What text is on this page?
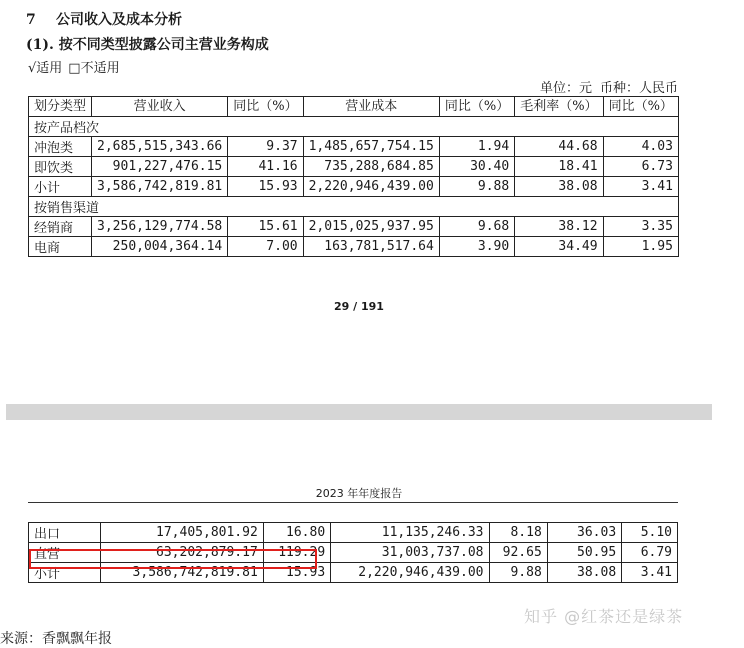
7 公司收入及成本分析
(1). 按不同类型披露公司主营业务构成
√适用 □不适用
单位：元 币种：人民币
划分类型	营业收入	同比（%）	营业成本	同比（%）	毛利率（%）	同比（%）
按产品档次						
冲泡类	2,685,515,343.66	9.37	1,485,657,754.15	1.94	44.68	4.03
即饮类	901,227,476.15	41.16	735,288,684.85	30.40	18.41	6.73
小计	3,586,742,819.81	15.93	2,220,946,439.00	9.88	38.08	3.41
按销售渠道						
经销商	3,256,129,774.58	15.61	2,015,025,937.95	9.68	38.12	3.35
电商	250,004,364.14	7.00	163,781,517.64	3.90	34.49	1.95
29 / 191
2023 年年度报告
出口	17,405,801.92	16.80	11,135,246.33	8.18	36.03	5.10
直营	63,202,879.17	119.29	31,003,737.08	92.65	50.95	6.79
小计	3,586,742,819.81	15.93	2,220,946,439.00	9.88	38.08	3.41
知乎 @红茶还是绿茶
来源：香飘飘年报
